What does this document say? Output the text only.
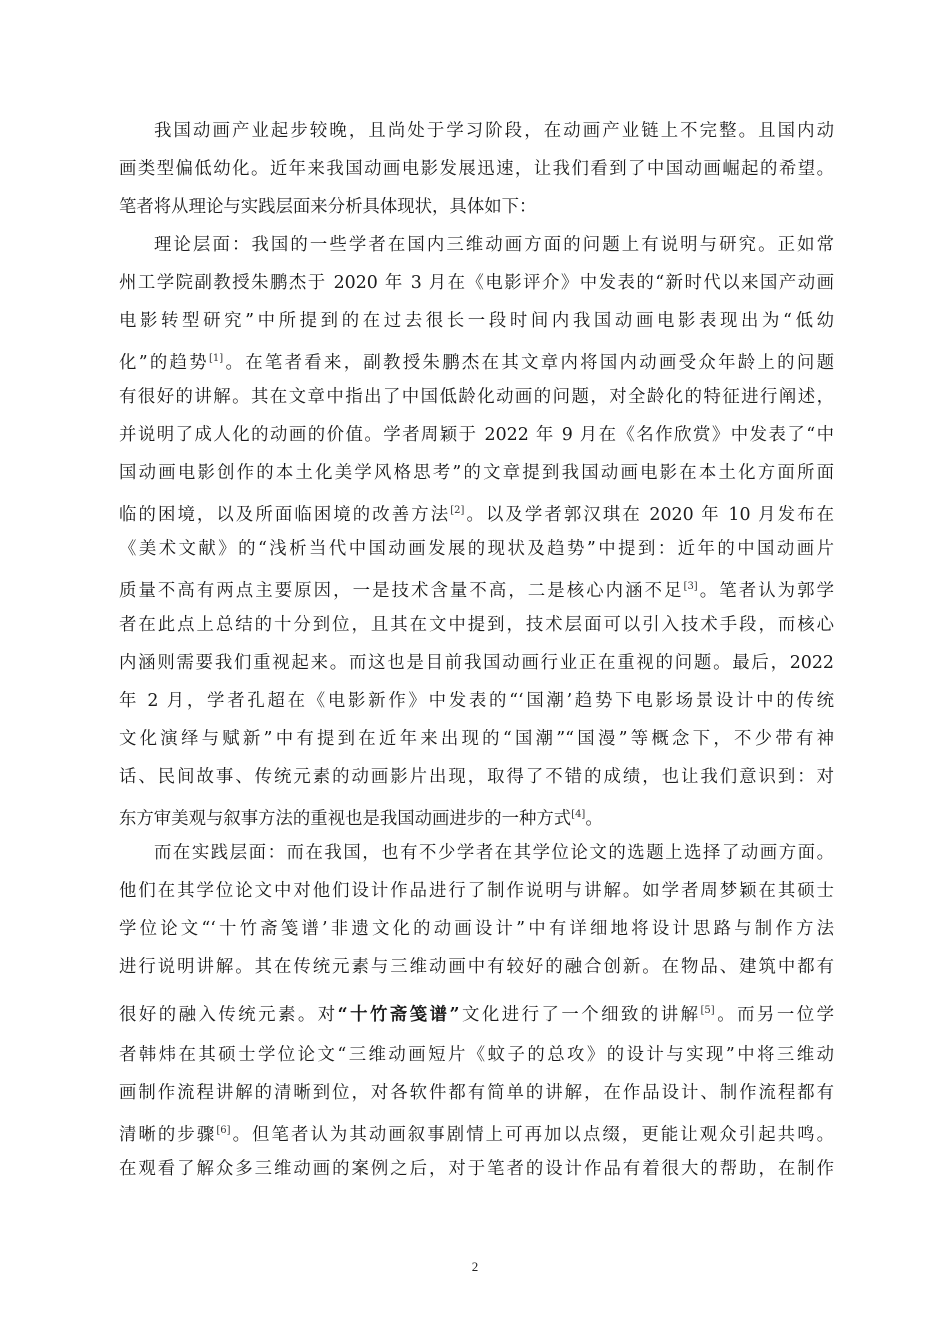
我国动画产业起步较晚，且尚处于学习阶段，在动画产业链上不完整。且国内动
画类型偏低幼化。近年来我国动画电影发展迅速，让我们看到了中国动画崛起的希望。
笔者将从理论与实践层面来分析具体现状，具体如下：
理论层面：我国的一些学者在国内三维动画方面的问题上有说明与研究。正如常
州工学院副教授朱鹏杰于 2020 年 3 月在《电影评介》中发表的“新时代以来国产动画
电影转型研究”中所提到的在过去很长一段时间内我国动画电影表现出为“低幼
化”的趋势[1]。在笔者看来，副教授朱鹏杰在其文章内将国内动画受众年龄上的问题
有很好的讲解。其在文章中指出了中国低龄化动画的问题，对全龄化的特征进行阐述，
并说明了成人化的动画的价值。学者周颖于 2022 年 9 月在《名作欣赏》中发表了“中
国动画电影创作的本土化美学风格思考”的文章提到我国动画电影在本土化方面所面
临的困境，以及所面临困境的改善方法[2]。以及学者郭汉琪在 2020 年 10 月发布在
《美术文献》的“浅析当代中国动画发展的现状及趋势”中提到：近年的中国动画片
质量不高有两点主要原因，一是技术含量不高，二是核心内涵不足[3]。笔者认为郭学
者在此点上总结的十分到位，且其在文中提到，技术层面可以引入技术手段，而核心
内涵则需要我们重视起来。而这也是目前我国动画行业正在重视的问题。最后，2022
年 2 月，学者孔超在《电影新作》中发表的“‘国潮’趋势下电影场景设计中的传统
文化演绎与赋新”中有提到在近年来出现的“国潮”“国漫”等概念下，不少带有神
话、民间故事、传统元素的动画影片出现，取得了不错的成绩，也让我们意识到：对
东方审美观与叙事方法的重视也是我国动画进步的一种方式[4]。
而在实践层面：而在我国，也有不少学者在其学位论文的选题上选择了动画方面。
他们在其学位论文中对他们设计作品进行了制作说明与讲解。如学者周梦颖在其硕士
学位论文“‘十竹斋笺谱’非遗文化的动画设计”中有详细地将设计思路与制作方法
进行说明讲解。其在传统元素与三维动画中有较好的融合创新。在物品、建筑中都有
很好的融入传统元素。对“十竹斋笺谱”文化进行了一个细致的讲解[5]。而另一位学
者韩炜在其硕士学位论文“三维动画短片《蚊子的总攻》的设计与实现”中将三维动
画制作流程讲解的清晰到位，对各软件都有简单的讲解，在作品设计、制作流程都有
清晰的步骤[6]。但笔者认为其动画叙事剧情上可再加以点缀，更能让观众引起共鸣。
在观看了解众多三维动画的案例之后，对于笔者的设计作品有着很大的帮助，在制作
2
